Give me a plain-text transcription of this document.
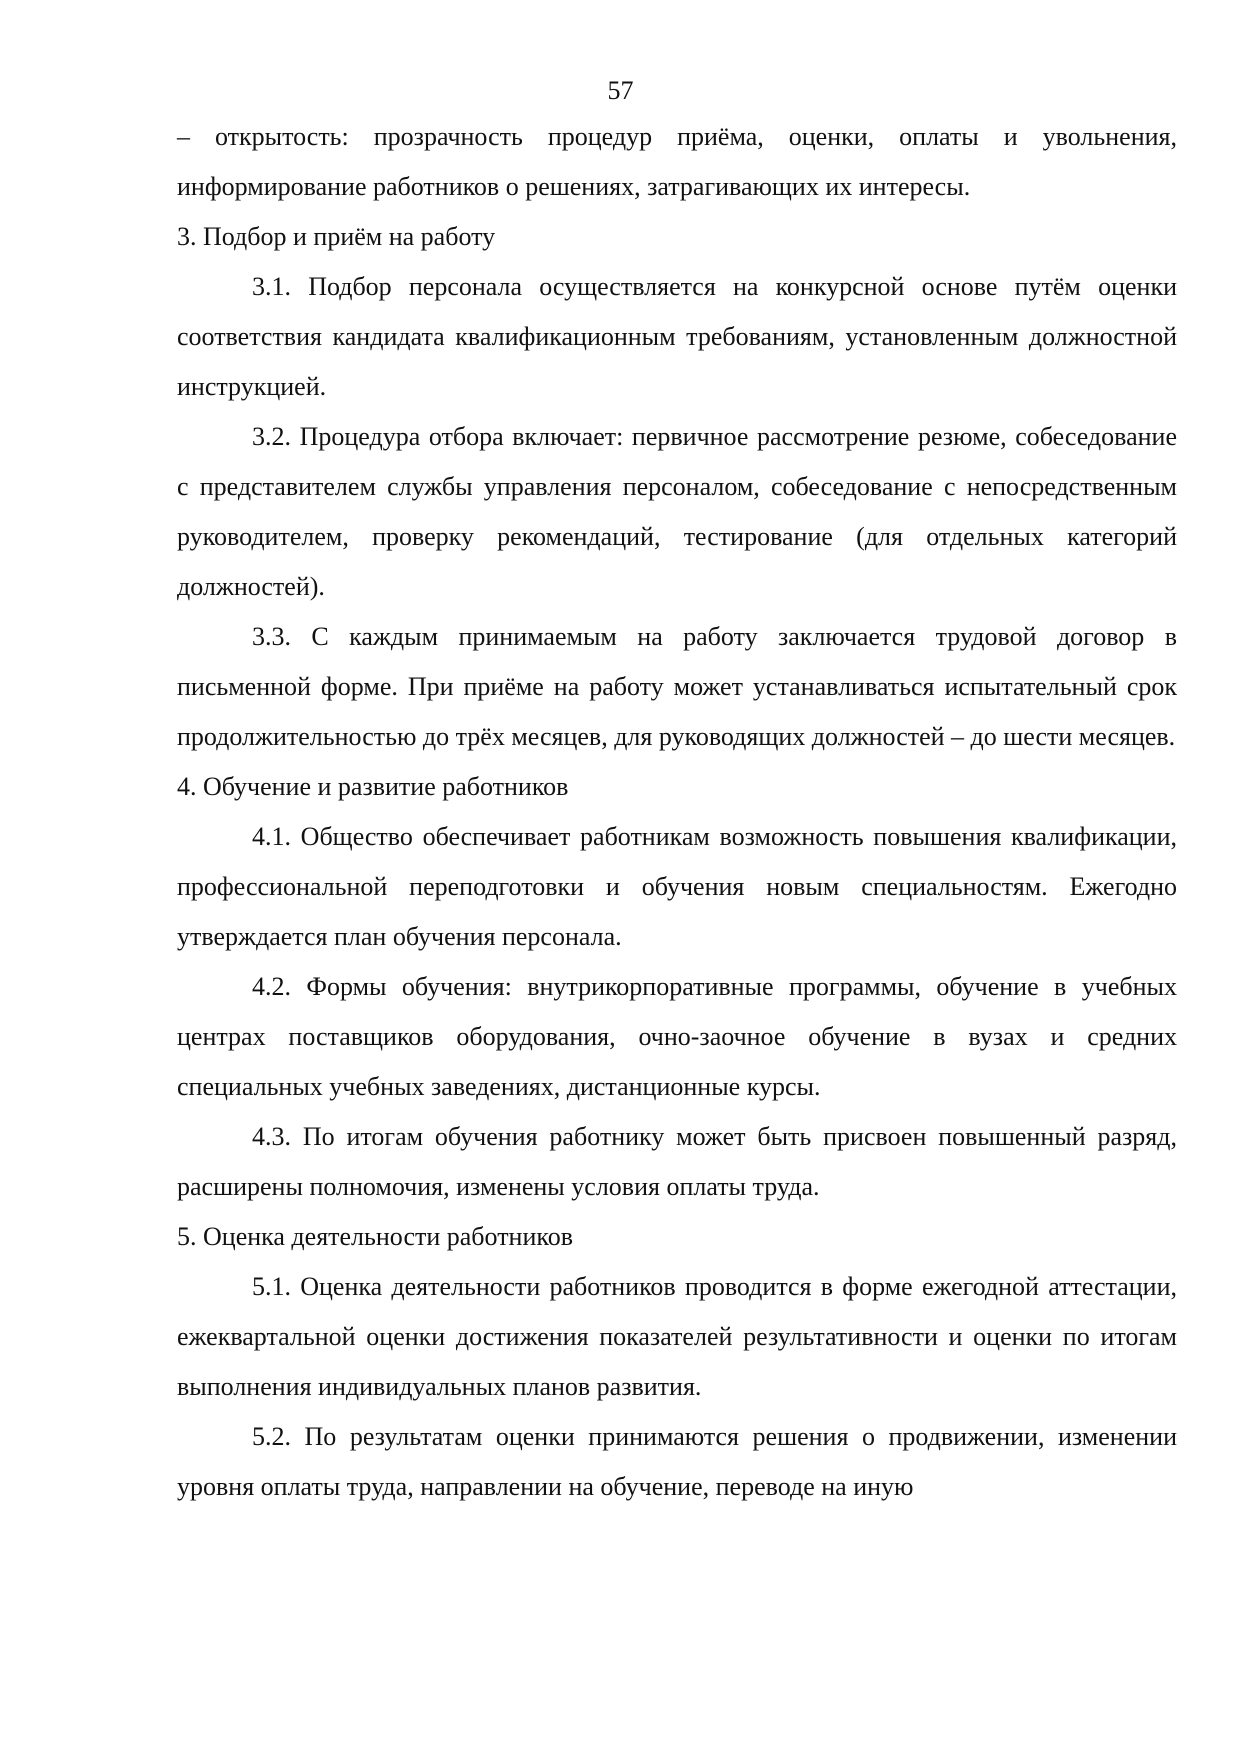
57

– открытость: прозрачность процедур приёма, оценки, оплаты и увольнения, информирование работников о решениях, затрагивающих их интересы.

3. Подбор и приём на работу

3.1. Подбор персонала осуществляется на конкурсной основе путём оценки соответствия кандидата квалификационным требованиям, установленным должностной инструкцией.

3.2. Процедура отбора включает: первичное рассмотрение резюме, собеседование с представителем службы управления персоналом, собеседование с непосредственным руководителем, проверку рекомендаций, тестирование (для отдельных категорий должностей).

3.3. С каждым принимаемым на работу заключается трудовой договор в письменной форме. При приёме на работу может устанавливаться испытательный срок продолжительностью до трёх месяцев, для руководящих должностей – до шести месяцев.

4. Обучение и развитие работников

4.1. Общество обеспечивает работникам возможность повышения квалификации, профессиональной переподготовки и обучения новым специальностям. Ежегодно утверждается план обучения персонала.

4.2. Формы обучения: внутрикорпоративные программы, обучение в учебных центрах поставщиков оборудования, очно-заочное обучение в вузах и средних специальных учебных заведениях, дистанционные курсы.

4.3. По итогам обучения работнику может быть присвоен повышенный разряд, расширены полномочия, изменены условия оплаты труда.

5. Оценка деятельности работников

5.1. Оценка деятельности работников проводится в форме ежегодной аттестации, ежеквартальной оценки достижения показателей результативности и оценки по итогам выполнения индивидуальных планов развития.

5.2. По результатам оценки принимаются решения о продвижении, изменении уровня оплаты труда, направлении на обучение, переводе на иную
